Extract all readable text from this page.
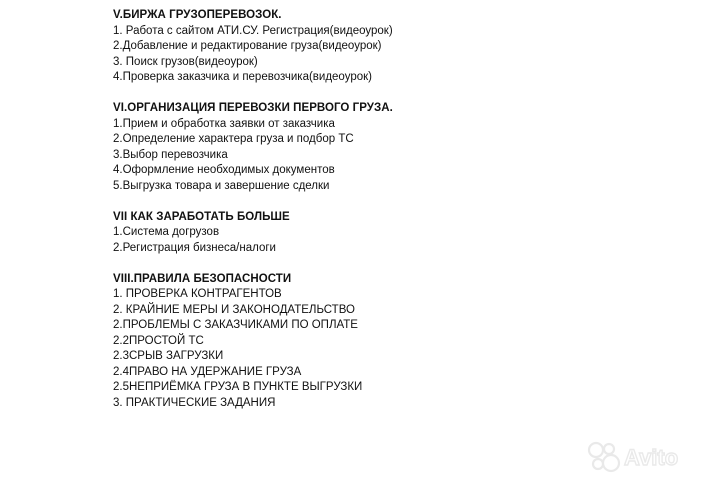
V.БИРЖА ГРУЗОПЕРЕВОЗОК.

1. Работа с сайтом АТИ.СУ. Регистрация(видеоурок)

2.Добавление и редактирование груза(видеоурок)

3. Поиск грузов(видеоурок)

4.Проверка заказчика и перевозчика(видеоурок)

VI.ОРГАНИЗАЦИЯ ПЕРЕВОЗКИ ПЕРВОГО ГРУЗА.

1.Прием и обработка заявки от заказчика

2.Определение характера груза и подбор ТС

3.Выбор перевозчика

4.Оформление необходимых документов

5.Выгрузка товара и завершение сделки

VII КАК ЗАРАБОТАТЬ БОЛЬШЕ

1.Система догрузов

2.Регистрация бизнеса/налоги

VIII.ПРАВИЛА БЕЗОПАСНОСТИ

1. ПРОВЕРКА КОНТРАГЕНТОВ

2. КРАЙНИЕ МЕРЫ И ЗАКОНОДАТЕЛЬСТВО

2.ПРОБЛЕМЫ С ЗАКАЗЧИКАМИ ПО ОПЛАТЕ

2.2ПРОСТОЙ ТС

2.3СРЫВ ЗАГРУЗКИ

2.4ПРАВО НА УДЕРЖАНИЕ ГРУЗА

2.5НЕПРИЁМКА ГРУЗА В ПУНКТЕ ВЫГРУЗКИ

3. ПРАКТИЧЕСКИЕ ЗАДАНИЯ

Avito
